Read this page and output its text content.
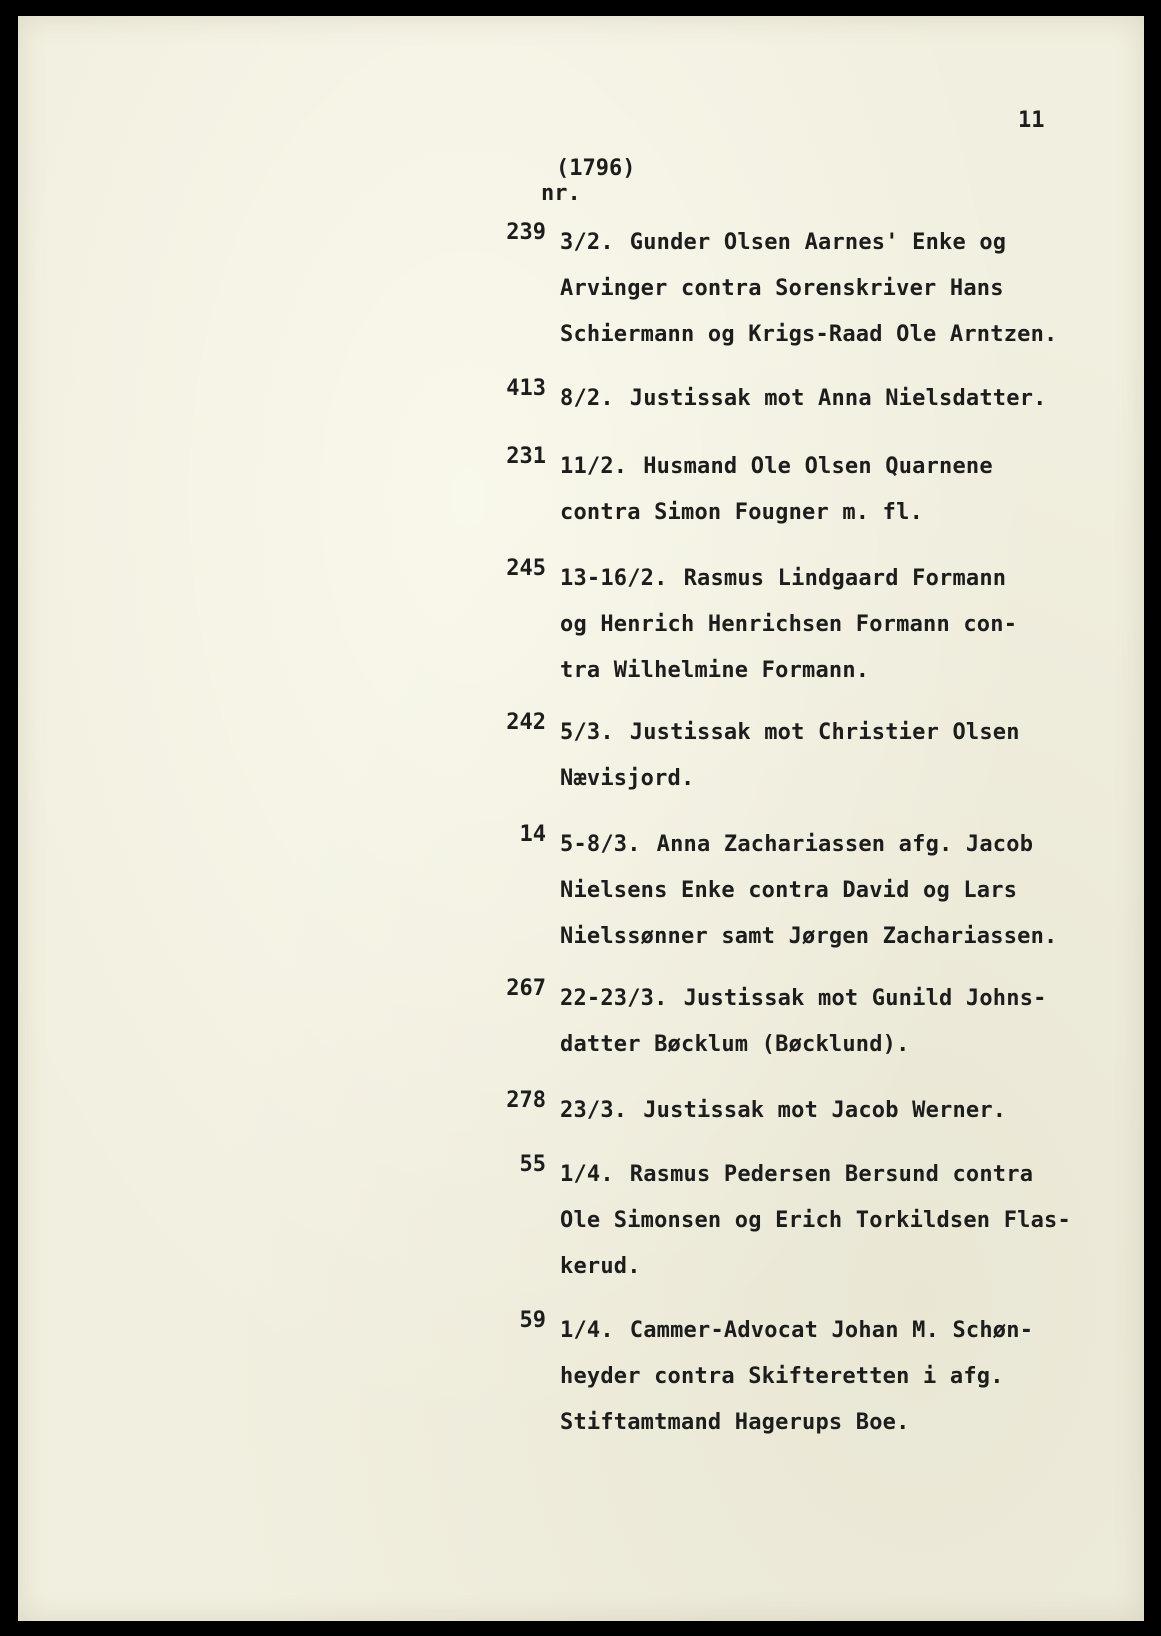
11

nr.

(1796)

239 3/2. Gunder Olsen Aarnes' Enke og
Arvinger contra Sorenskriver Hans
Schiermann og Krigs-Raad Ole Arntzen.
413 8/2. Justissak mot Anna Nielsdatter.
231 11/2. Husmand Ole Olsen Quarnene
contra Simon Fougner m. fl.
245 13-16/2. Rasmus Lindgaard Formann
og Henrich Henrichsen Formann con-
tra Wilhelmine Formann.
242 5/3. Justissak mot Christier Olsen
Nævisjord.
14 5-8/3. Anna Zachariassen afg. Jacob
Nielsens Enke contra David og Lars
Nielssønner samt Jørgen Zachariassen.
267 22-23/3. Justissak mot Gunild Johns-
datter Bøcklum (Bøcklund).
278 23/3. Justissak mot Jacob Werner.
55 1/4. Rasmus Pedersen Bersund contra
Ole Simonsen og Erich Torkildsen Flas-
kerud.
59 1/4. Cammer-Advocat Johan M. Schøn-
heyder contra Skifteretten i afg.
Stiftamtmand Hagerups Boe.
